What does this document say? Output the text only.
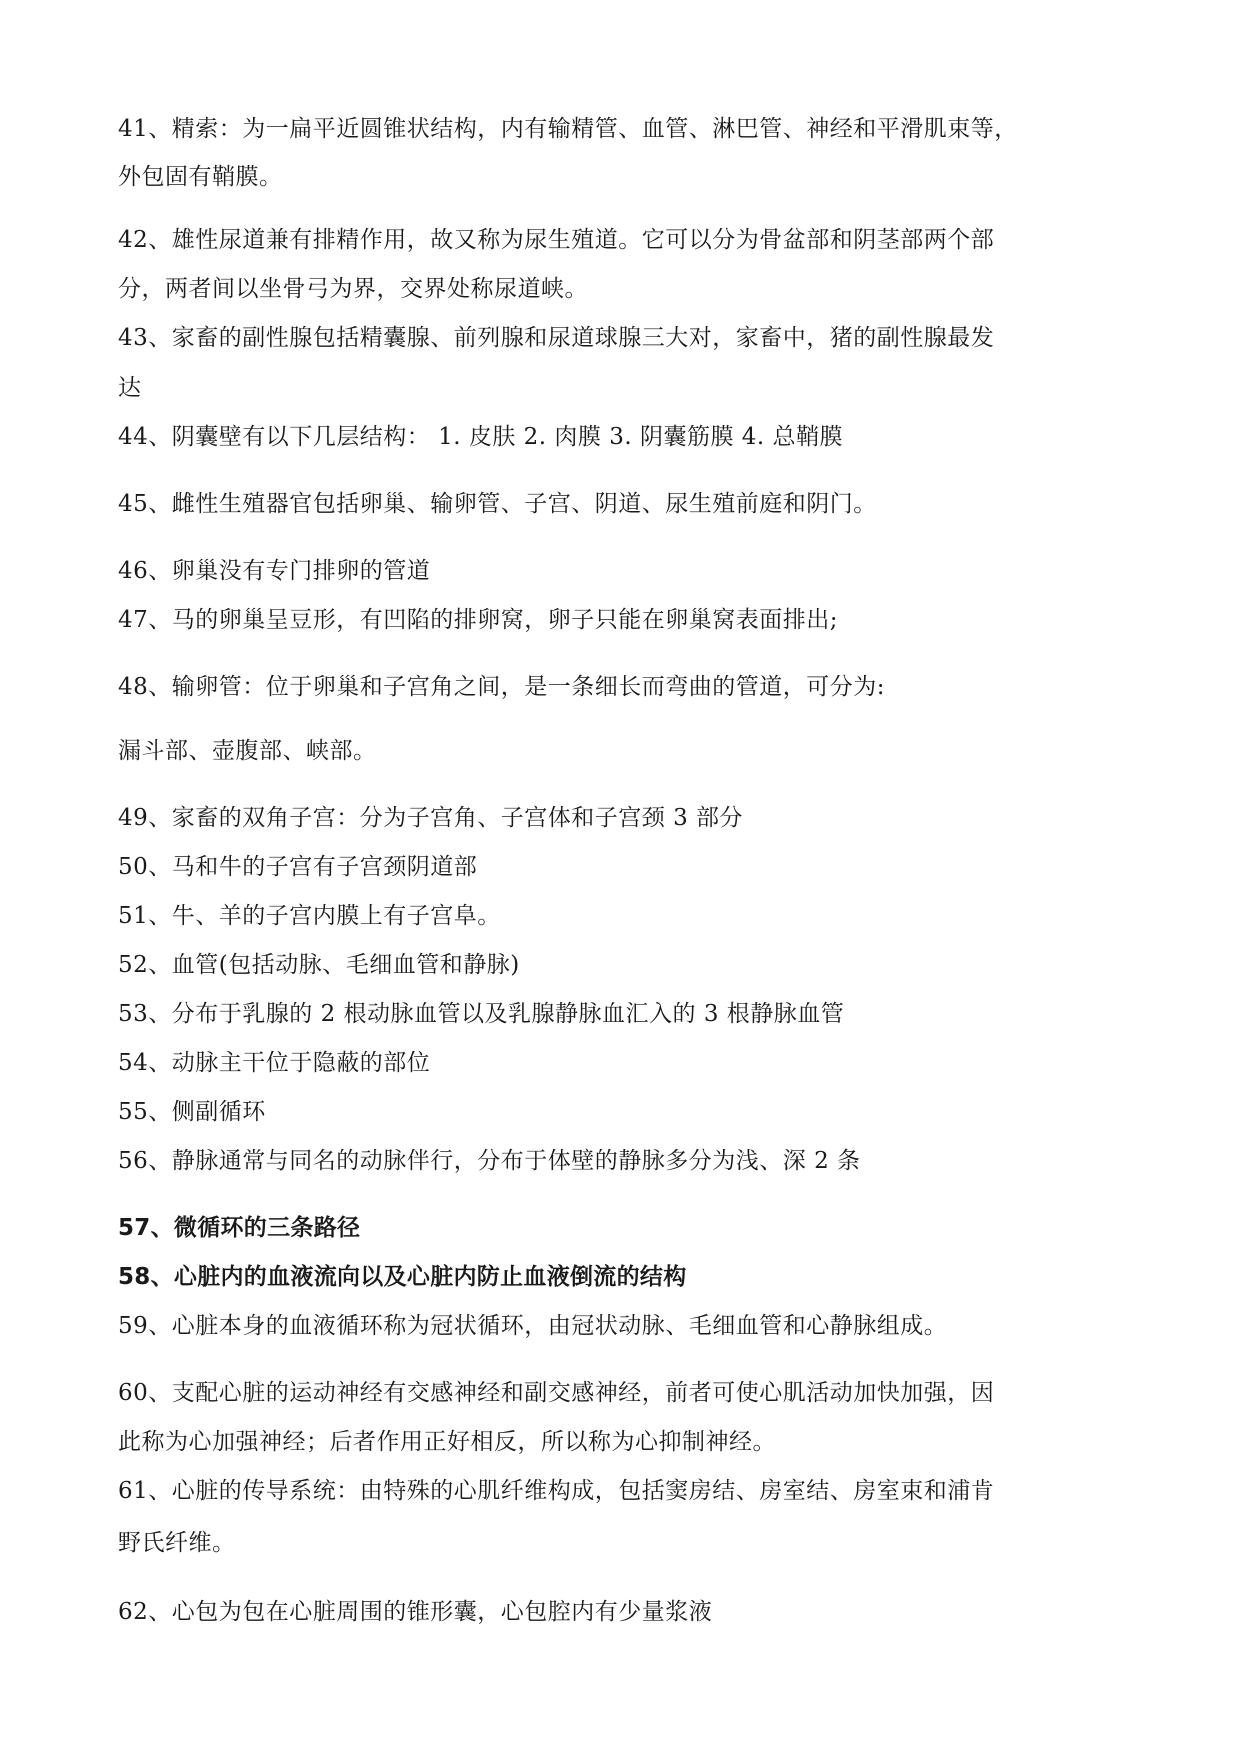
41、精索：为一扁平近圆锥状结构，内有输精管、血管、淋巴管、神经和平滑肌束等，
外包固有鞘膜。
42、雄性尿道兼有排精作用，故又称为尿生殖道。它可以分为骨盆部和阴茎部两个部
分，两者间以坐骨弓为界，交界处称尿道峡。
43、家畜的副性腺包括精囊腺、前列腺和尿道球腺三大对，家畜中，猪的副性腺最发
达
44、阴囊壁有以下几层结构： 1. 皮肤 2. 肉膜 3. 阴囊筋膜 4. 总鞘膜
45、雌性生殖器官包括卵巢、输卵管、子宫、阴道、尿生殖前庭和阴门。
46、卵巢没有专门排卵的管道
47、马的卵巢呈豆形，有凹陷的排卵窝，卵子只能在卵巢窝表面排出;
48、输卵管：位于卵巢和子宫角之间，是一条细长而弯曲的管道，可分为:
漏斗部、壶腹部、峡部。
49、家畜的双角子宫：分为子宫角、子宫体和子宫颈 3 部分
50、马和牛的子宫有子宫颈阴道部
51、牛、羊的子宫内膜上有子宫阜。
52、血管(包括动脉、毛细血管和静脉)
53、分布于乳腺的 2 根动脉血管以及乳腺静脉血汇入的 3 根静脉血管
54、动脉主干位于隐蔽的部位
55、侧副循环
56、静脉通常与同名的动脉伴行，分布于体壁的静脉多分为浅、深 2 条
57、微循环的三条路径
58、心脏内的血液流向以及心脏内防止血液倒流的结构
59、心脏本身的血液循环称为冠状循环，由冠状动脉、毛细血管和心静脉组成。
60、支配心脏的运动神经有交感神经和副交感神经，前者可使心肌活动加快加强，因
此称为心加强神经；后者作用正好相反，所以称为心抑制神经。
61、心脏的传导系统：由特殊的心肌纤维构成，包括窦房结、房室结、房室束和浦肯
野氏纤维。
62、心包为包在心脏周围的锥形囊，心包腔内有少量浆液
